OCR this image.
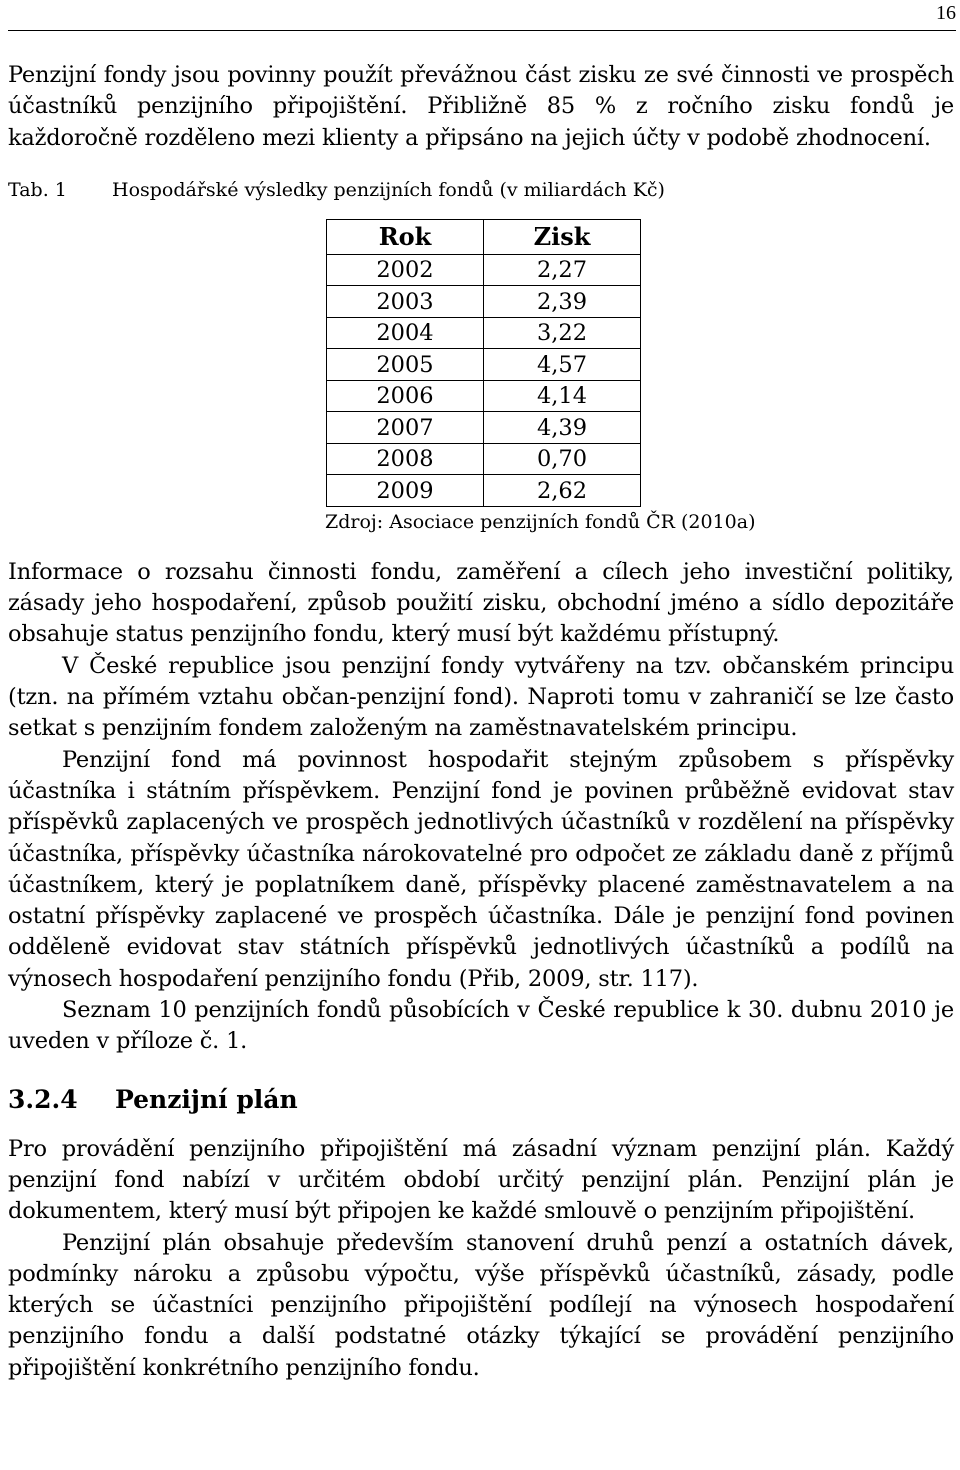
16

Penzijní fondy jsou povinny použít převážnou část zisku ze své činnosti ve prospěch účastníků penzijního připojištění. Přibližně 85 % z ročního zisku fondů je každoročně rozděleno mezi klienty a připsáno na jejich účty v podobě zhodnocení.

Tab. 1	Hospodářské výsledky penzijních fondů (v miliardách Kč)
Rok	Zisk
2002	2,27
2003	2,39
2004	3,22
2005	4,57
2006	4,14
2007	4,39
2008	0,70
2009	2,62
Zdroj: Asociace penzijních fondů ČR (2010a)

Informace o rozsahu činnosti fondu, zaměření a cílech jeho investiční politiky, zásady jeho hospodaření, způsob použití zisku, obchodní jméno a sídlo depozitáře obsahuje status penzijního fondu, který musí být každému přístupný.

V České republice jsou penzijní fondy vytvářeny na tzv. občanském principu (tzn. na přímém vztahu občan-penzijní fond). Naproti tomu v zahraničí se lze často setkat s penzijním fondem založeným na zaměstnavatelském principu.

Penzijní fond má povinnost hospodařit stejným způsobem s příspěvky účastníka i státním příspěvkem. Penzijní fond je povinen průběžně evidovat stav příspěvků zaplacených ve prospěch jednotlivých účastníků v rozdělení na příspěvky účastníka, příspěvky účastníka nárokovatelné pro odpočet ze základu daně z příjmů účastníkem, který je poplatníkem daně, příspěvky placené zaměstnavatelem a na ostatní příspěvky zaplacené ve prospěch účastníka. Dále je penzijní fond povinen odděleně evidovat stav státních příspěvků jednotlivých účastníků a podílů na výnosech hospodaření penzijního fondu (Přib, 2009, str. 117).

Seznam 10 penzijních fondů působících v České republice k 30. dubnu 2010 je uveden v příloze č. 1.

3.2.4	Penzijní plán

Pro provádění penzijního připojištění má zásadní význam penzijní plán. Každý penzijní fond nabízí v určitém období určitý penzijní plán. Penzijní plán je dokumentem, který musí být připojen ke každé smlouvě o penzijním připojištění.

Penzijní plán obsahuje především stanovení druhů penzí a ostatních dávek, podmínky nároku a způsobu výpočtu, výše příspěvků účastníků, zásady, podle kterých se účastníci penzijního připojištění podílejí na výnosech hospodaření penzijního fondu a další podstatné otázky týkající se provádění penzijního připojištění konkrétního penzijního fondu.
